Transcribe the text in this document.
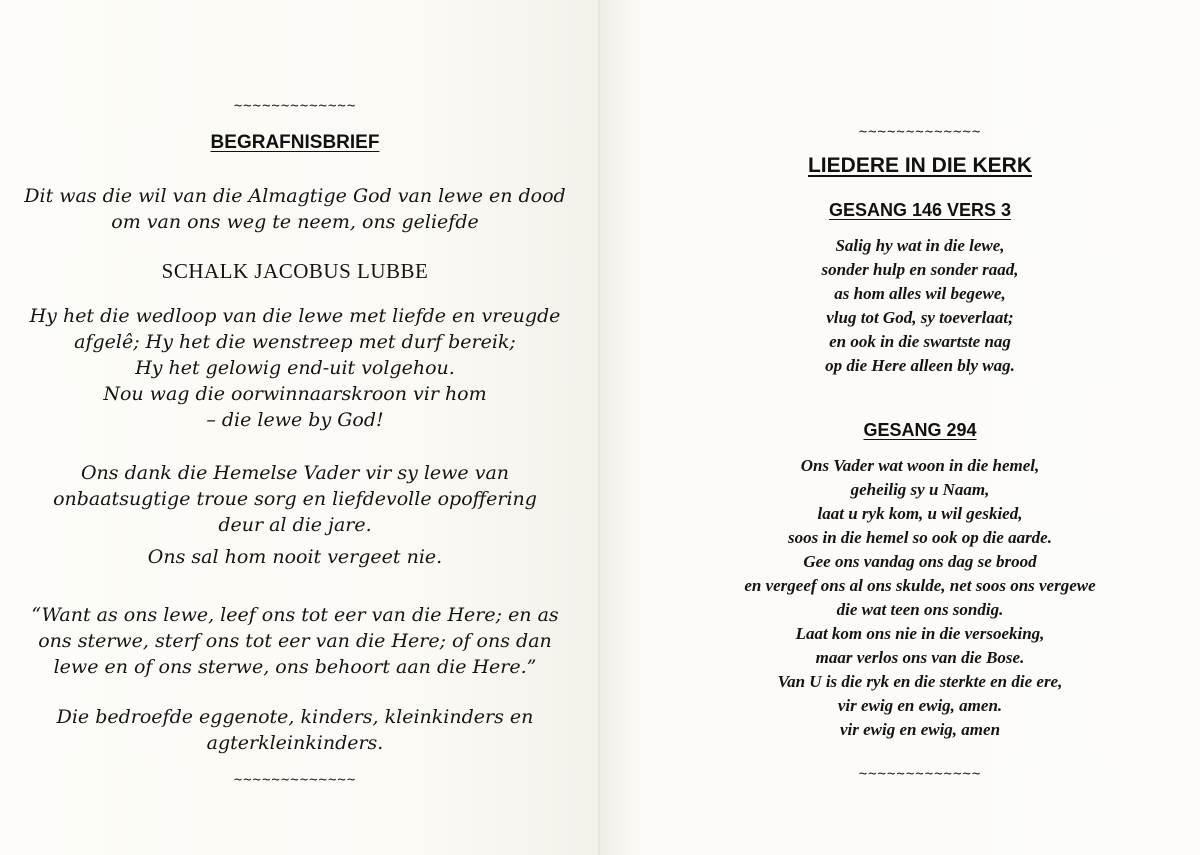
~~~~~~~~~~~~~
BEGRAFNISBRIEF
Dit was die wil van die Almagtige God van lewe en dood
om van ons weg te neem, ons geliefde
SCHALK JACOBUS LUBBE
Hy het die wedloop van die lewe met liefde en vreugde
afgelê; Hy het die wenstreep met durf bereik;
Hy het gelowig end-uit volgehou.
Nou wag die oorwinnaarskroon vir hom
– die lewe by God!
Ons dank die Hemelse Vader vir sy lewe van
onbaatsugtige troue sorg en liefdevolle opoffering
deur al die jare.
Ons sal hom nooit vergeet nie.
“Want as ons lewe, leef ons tot eer van die Here; en as
ons sterwe, sterf ons tot eer van die Here; of ons dan
lewe en of ons sterwe, ons behoort aan die Here.”
Die bedroefde eggenote, kinders, kleinkinders en
agterkleinkinders.
~~~~~~~~~~~~~
~~~~~~~~~~~~~
LIEDERE IN DIE KERK
GESANG 146 VERS 3
Salig hy wat in die lewe,
sonder hulp en sonder raad,
as hom alles wil begewe,
vlug tot God, sy toeverlaat;
en ook in die swartste nag
op die Here alleen bly wag.
GESANG 294
Ons Vader wat woon in die hemel,
geheilig sy u Naam,
laat u ryk kom, u wil geskied,
soos in die hemel so ook op die aarde.
Gee ons vandag ons dag se brood
en vergeef ons al ons skulde, net soos ons vergewe
die wat teen ons sondig.
Laat kom ons nie in die versoeking,
maar verlos ons van die Bose.
Van U is die ryk en die sterkte en die ere,
vir ewig en ewig, amen.
vir ewig en ewig, amen
~~~~~~~~~~~~~
